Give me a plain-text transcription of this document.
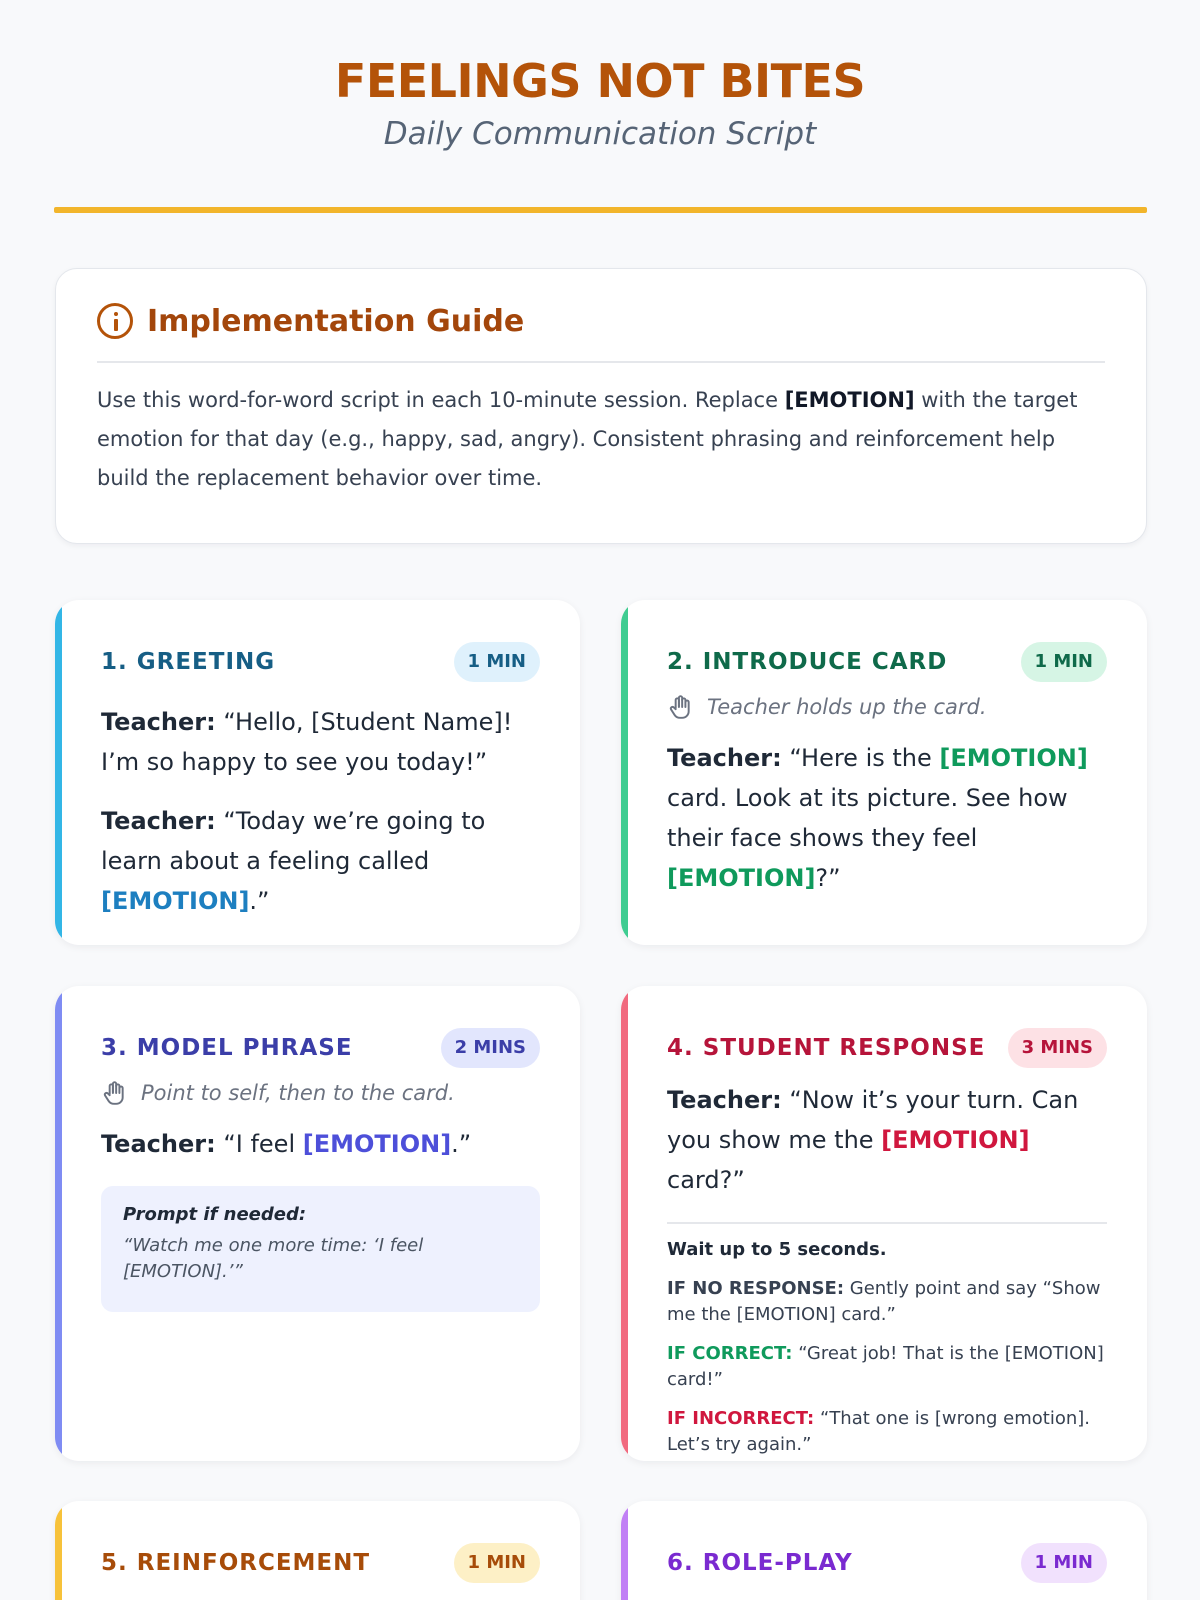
FEELINGS NOT BITES
Daily Communication Script
Implementation Guide

Use this word-for-word script in each 10-minute session. Replace [EMOTION] with the target emotion for that day (e.g., happy, sad, angry). Consistent phrasing and reinforcement help build the replacement behavior over time.

1. GREETING	1 MIN

Teacher: “Hello, [Student Name]! I’m so happy to see you today!”

Teacher: “Today we’re going to learn about a feeling called [EMOTION].”

2. INTRODUCE CARD	1 MIN
Teacher holds up the card.

Teacher: “Here is the [EMOTION] card. Look at its picture. See how their face shows they feel [EMOTION]?”

3. MODEL PHRASE	2 MINS
Point to self, then to the card.

Teacher: “I feel [EMOTION].”

Prompt if needed:
“Watch me one more time: ‘I feel [EMOTION].’”
4. STUDENT RESPONSE	3 MINS

Teacher: “Now it’s your turn. Can you show me the [EMOTION] card?”

Wait up to 5 seconds.
IF NO RESPONSE: Gently point and say “Show me the [EMOTION] card.”
IF CORRECT: “Great job! That is the [EMOTION] card!”
IF INCORRECT: “That one is [wrong emotion]. Let’s try again.”
5. REINFORCEMENT	1 MIN	6. ROLE-PLAY	1 MIN
